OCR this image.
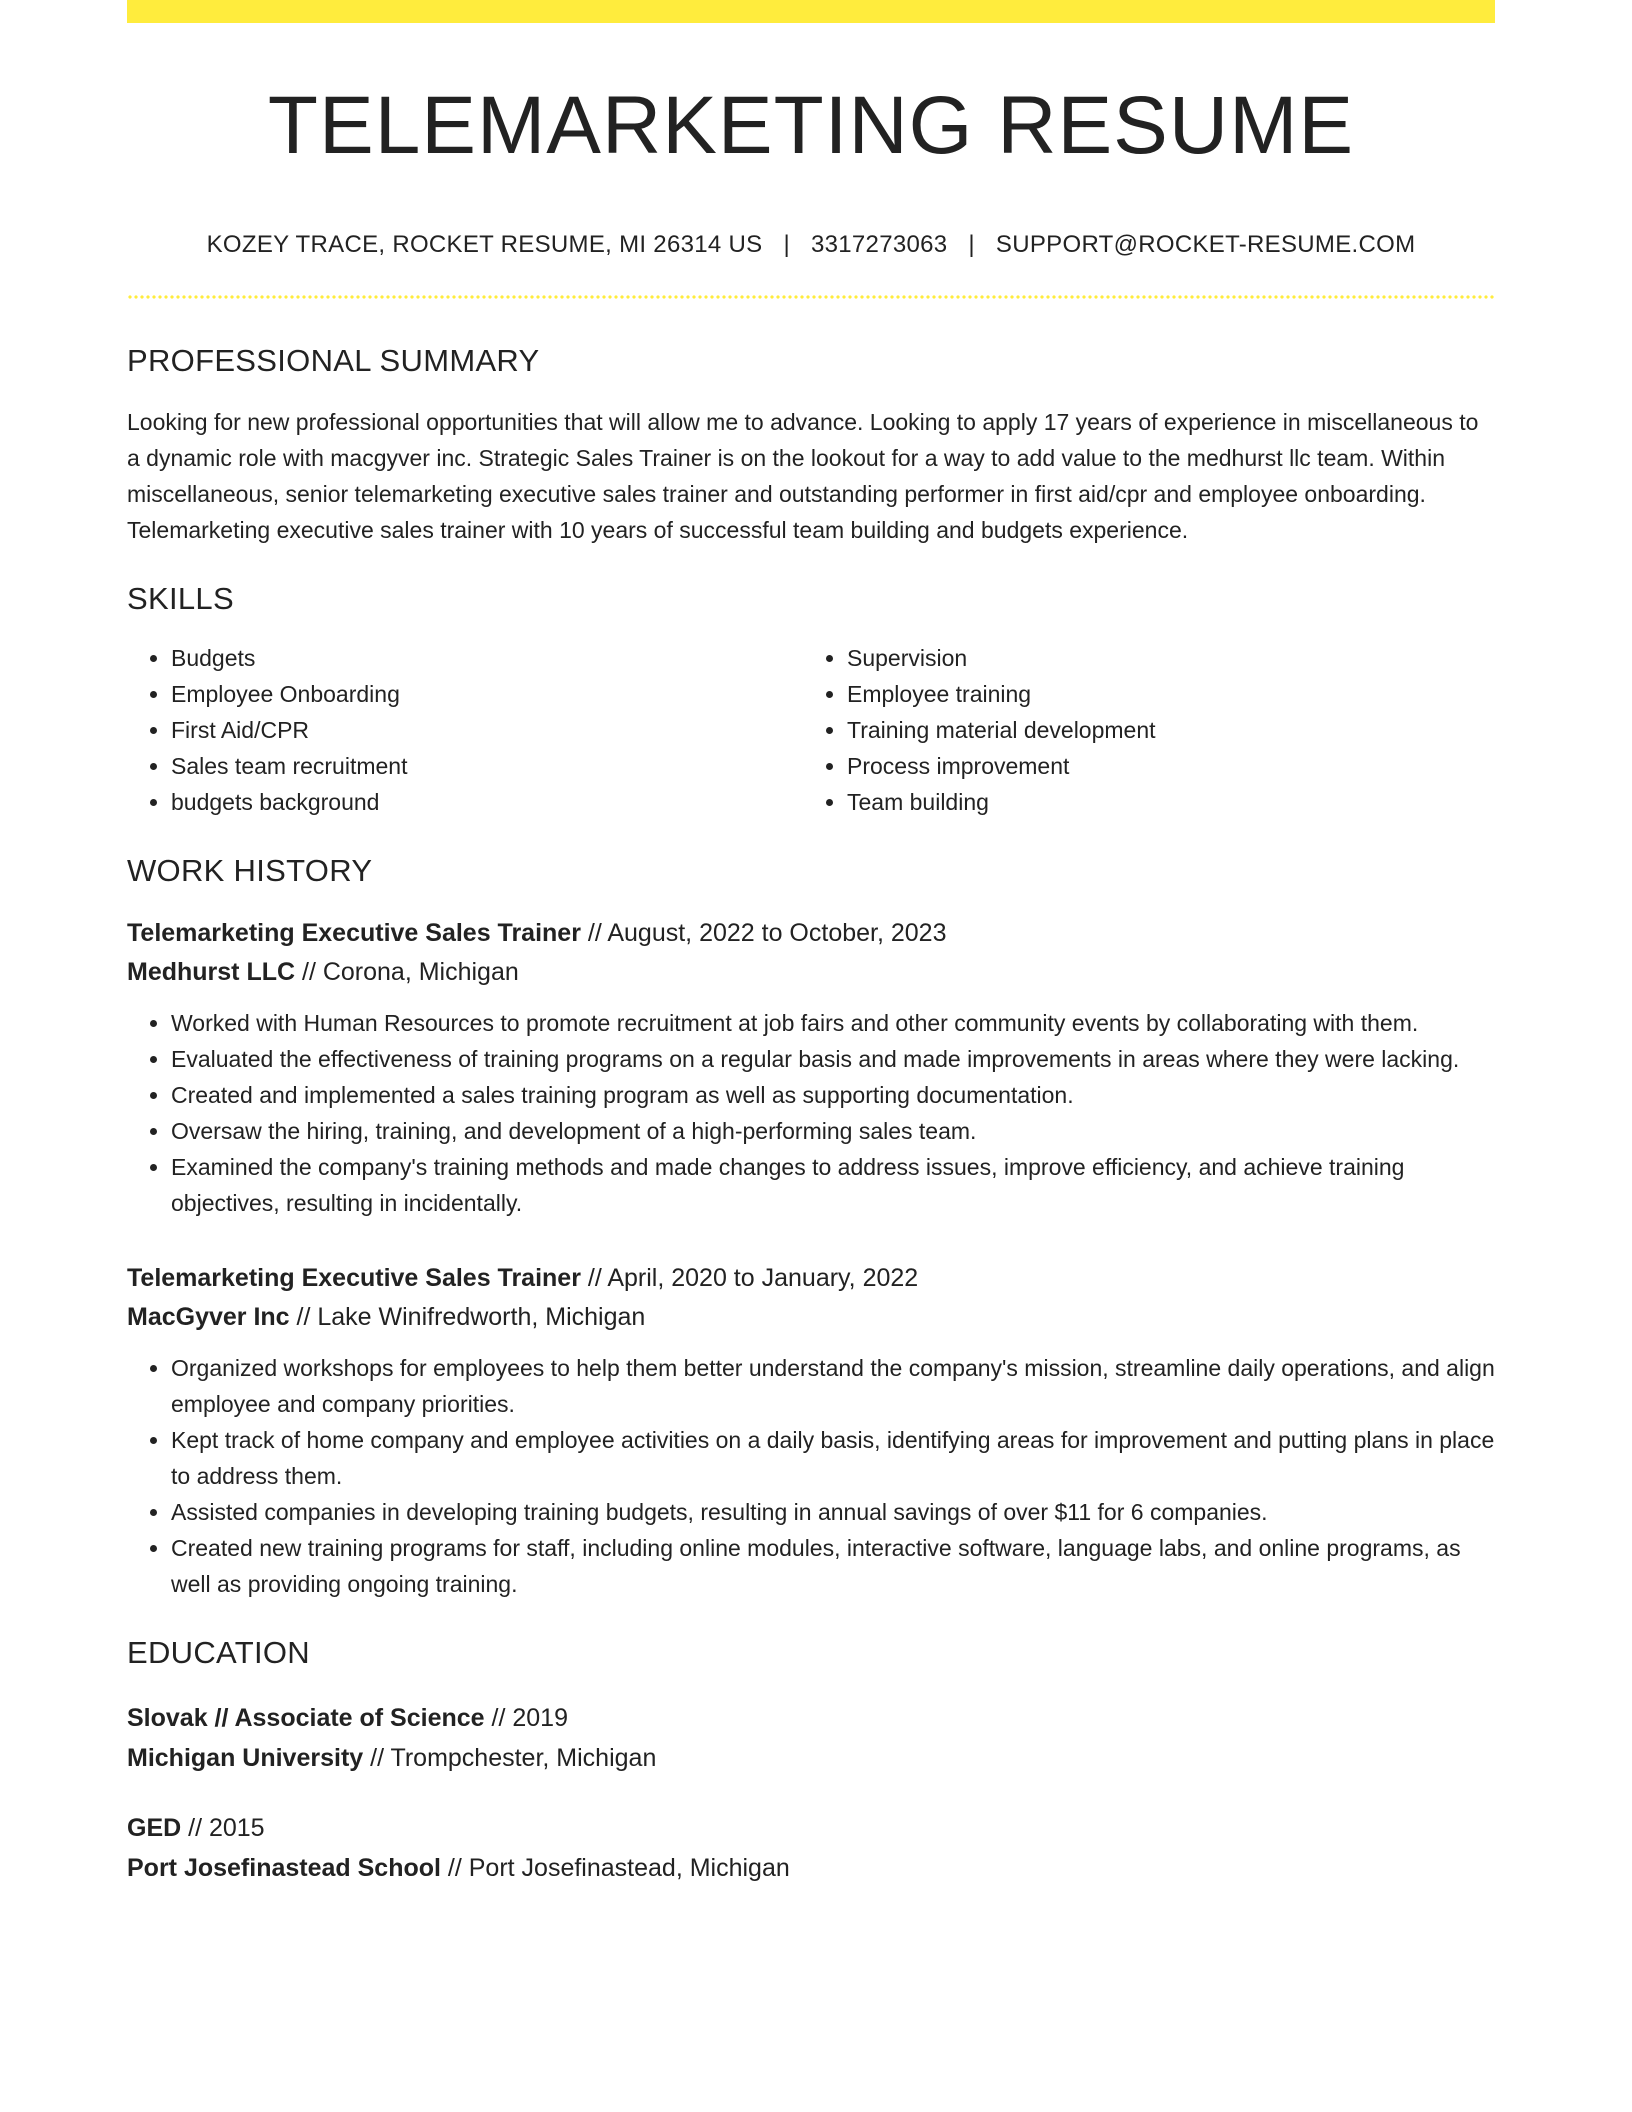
TELEMARKETING RESUME
KOZEY TRACE, ROCKET RESUME, MI 26314 US | 3317273063 | SUPPORT@ROCKET-RESUME.COM
PROFESSIONAL SUMMARY
Looking for new professional opportunities that will allow me to advance. Looking to apply 17 years of experience in miscellaneous to a dynamic role with macgyver inc. Strategic Sales Trainer is on the lookout for a way to add value to the medhurst llc team. Within miscellaneous, senior telemarketing executive sales trainer and outstanding performer in first aid/cpr and employee onboarding. Telemarketing executive sales trainer with 10 years of successful team building and budgets experience.
SKILLS
• Budgets
• Employee Onboarding
• First Aid/CPR
• Sales team recruitment
• budgets background
• Supervision
• Employee training
• Training material development
• Process improvement
• Team building
WORK HISTORY
Telemarketing Executive Sales Trainer // August, 2022 to October, 2023
Medhurst LLC // Corona, Michigan
• Worked with Human Resources to promote recruitment at job fairs and other community events by collaborating with them.
• Evaluated the effectiveness of training programs on a regular basis and made improvements in areas where they were lacking.
• Created and implemented a sales training program as well as supporting documentation.
• Oversaw the hiring, training, and development of a high-performing sales team.
• Examined the company's training methods and made changes to address issues, improve efficiency, and achieve training objectives, resulting in incidentally.
Telemarketing Executive Sales Trainer // April, 2020 to January, 2022
MacGyver Inc // Lake Winifredworth, Michigan
• Organized workshops for employees to help them better understand the company's mission, streamline daily operations, and align employee and company priorities.
• Kept track of home company and employee activities on a daily basis, identifying areas for improvement and putting plans in place to address them.
• Assisted companies in developing training budgets, resulting in annual savings of over $11 for 6 companies.
• Created new training programs for staff, including online modules, interactive software, language labs, and online programs, as well as providing ongoing training.
EDUCATION
Slovak // Associate of Science // 2019
Michigan University // Trompchester, Michigan
GED // 2015
Port Josefinastead School // Port Josefinastead, Michigan
